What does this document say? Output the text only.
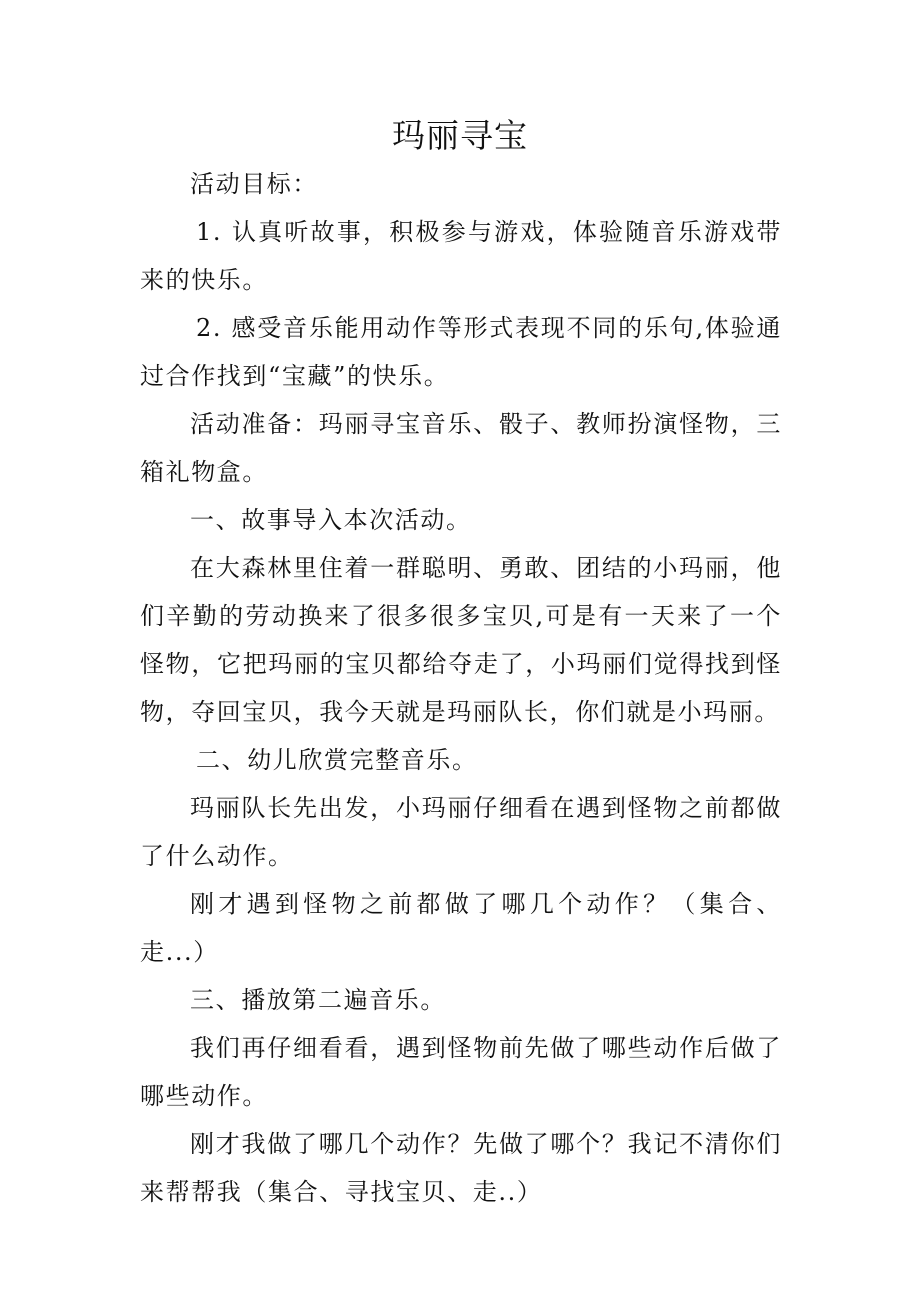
玛丽寻宝

活动目标：

1. 认真听故事，积极参与游戏，体验随音乐游戏带来的快乐。

2. 感受音乐能用动作等形式表现不同的乐句,体验通过合作找到“宝藏”的快乐。

活动准备：玛丽寻宝音乐、骰子、教师扮演怪物，三箱礼物盒。

一、故事导入本次活动。

在大森林里住着一群聪明、勇敢、团结的小玛丽，他们辛勤的劳动换来了很多很多宝贝,可是有一天来了一个怪物，它把玛丽的宝贝都给夺走了，小玛丽们觉得找到怪物，夺回宝贝，我今天就是玛丽队长，你们就是小玛丽。

二、幼儿欣赏完整音乐。

玛丽队长先出发，小玛丽仔细看在遇到怪物之前都做了什么动作。

刚才遇到怪物之前都做了哪几个动作？（集合、走...）

三、播放第二遍音乐。

我们再仔细看看，遇到怪物前先做了哪些动作后做了哪些动作。

刚才我做了哪几个动作？先做了哪个？我记不清你们来帮帮我（集合、寻找宝贝、走..）
